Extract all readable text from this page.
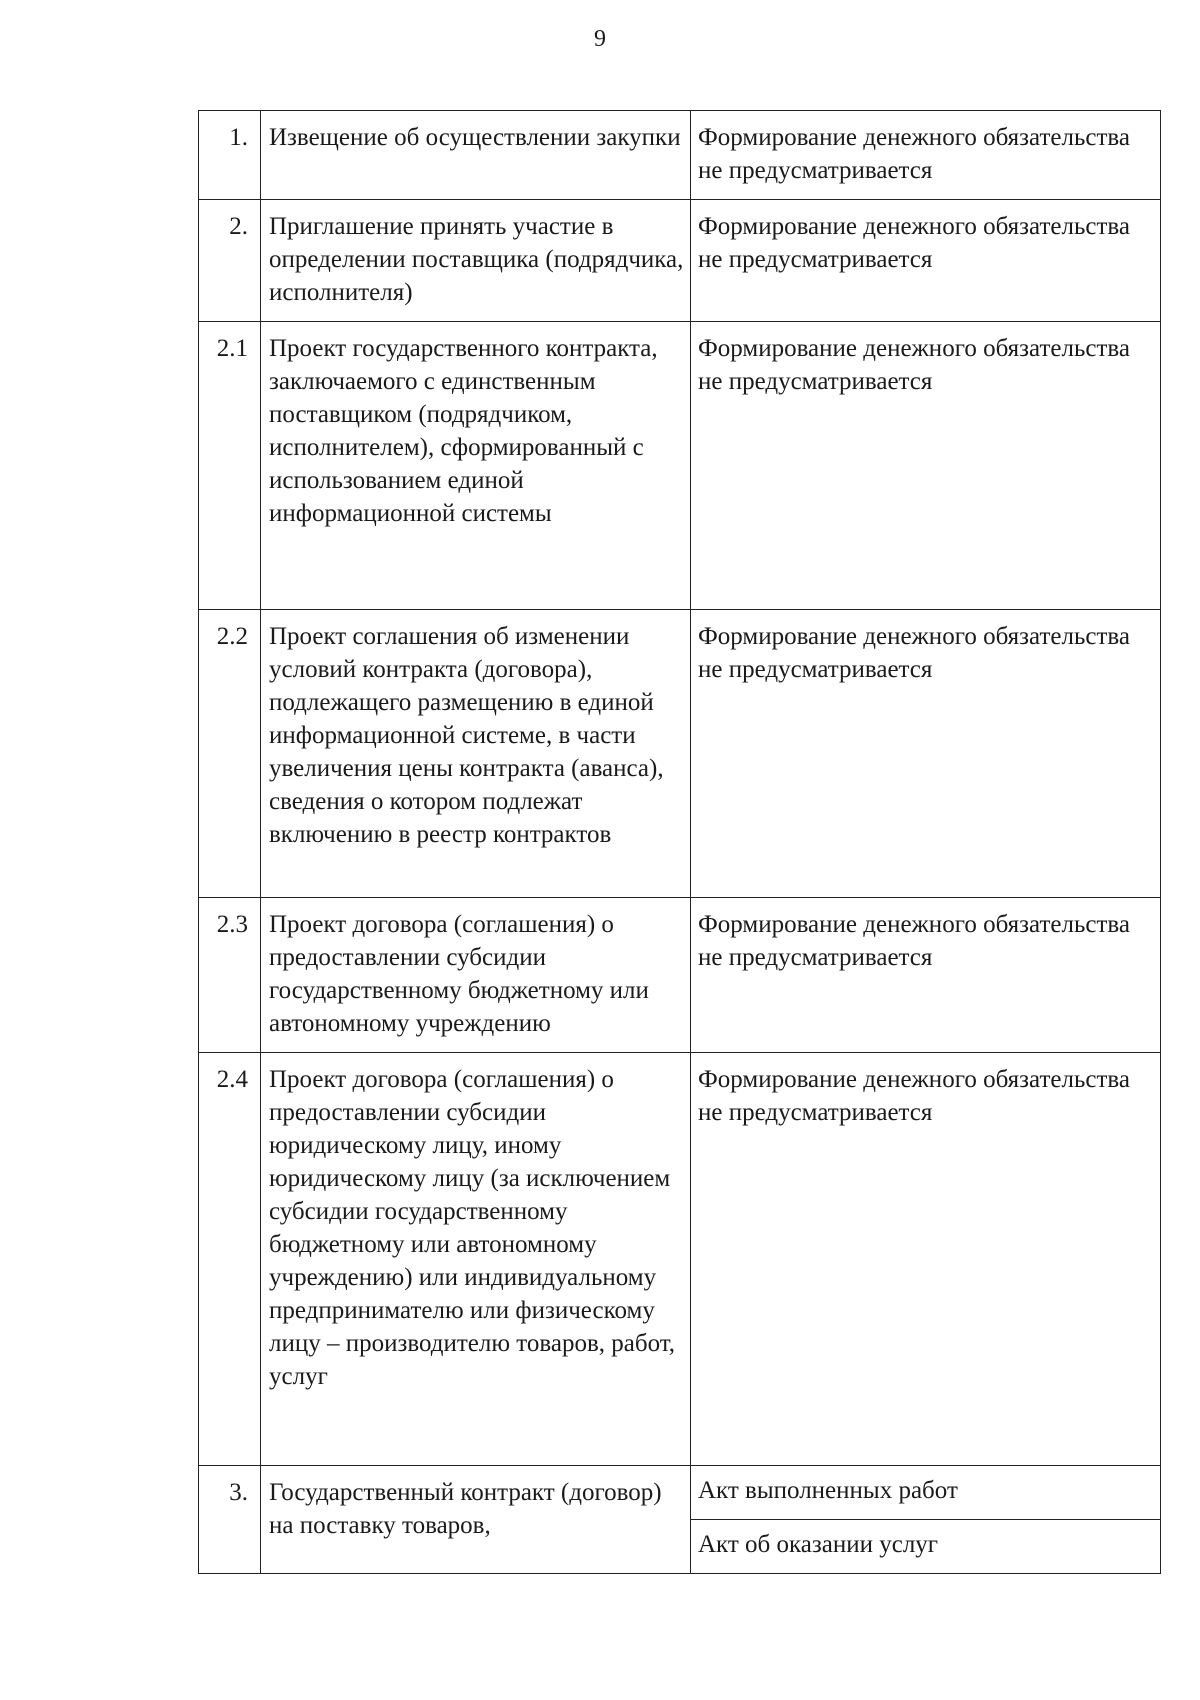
9
1.	Извещение об осуществлении закупки	Формирование денежного обязательства не предусматривается
2.	Приглашение принять участие в определении поставщика (подрядчика, исполнителя)	Формирование денежного обязательства не предусматривается
2.1	Проект государственного контракта, заключаемого с единственным поставщиком (подрядчиком, исполнителем), сформированный с использованием единой информационной системы	Формирование денежного обязательства не предусматривается
2.2	Проект соглашения об изменении условий контракта (договора), подлежащего размещению в единой информационной системе, в части увеличения цены контракта (аванса), сведения о котором подлежат включению в реестр контрактов	Формирование денежного обязательства не предусматривается
2.3	Проект договора (соглашения) о предоставлении субсидии государственному бюджетному или автономному учреждению	Формирование денежного обязательства не предусматривается
2.4	Проект договора (соглашения) о предоставлении субсидии юридическому лицу, иному юридическому лицу (за исключением субсидии государственному бюджетному или автономному учреждению) или индивидуальному предпринимателю или физическому лицу – производителю товаров, работ, услуг	Формирование денежного обязательства не предусматривается
3.	Государственный контракт (договор) на поставку товаров,	Акт выполненных работ
		Акт об оказании услуг
